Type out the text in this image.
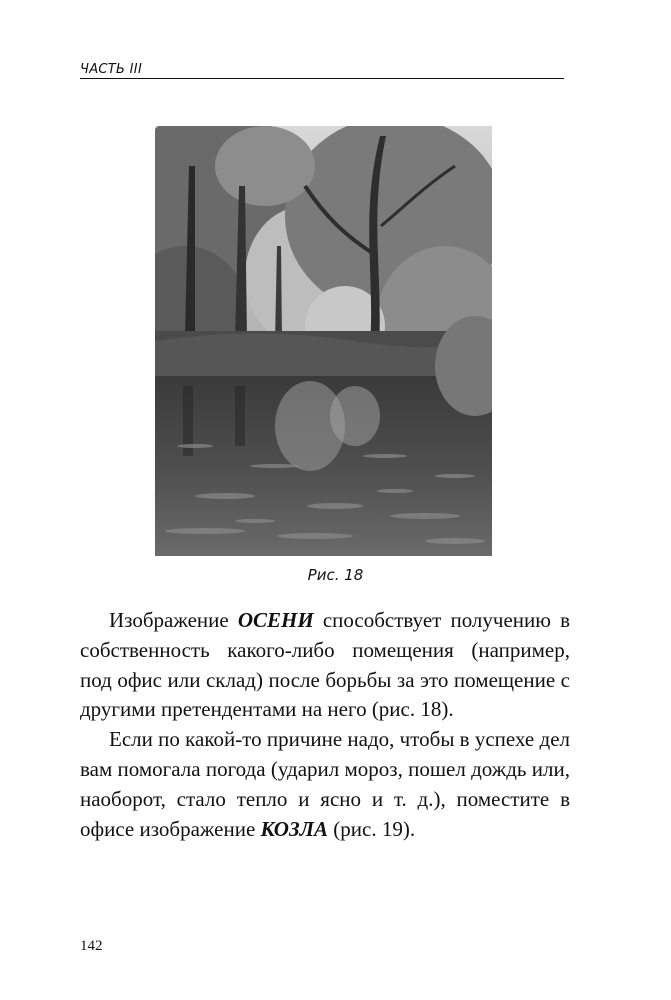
ЧАСТЬ III
Рис. 18

Изображение ОСЕНИ способствует получению в собственность какого-либо помещения (например, под офис или склад) после борьбы за это помещение с другими претендентами на него (рис. 18).

Если по какой-то причине надо, чтобы в успехе дел вам помогала погода (ударил мороз, пошел дождь или, наоборот, стало тепло и ясно и т. д.), поместите в офисе изображение КОЗЛА (рис. 19).

142
